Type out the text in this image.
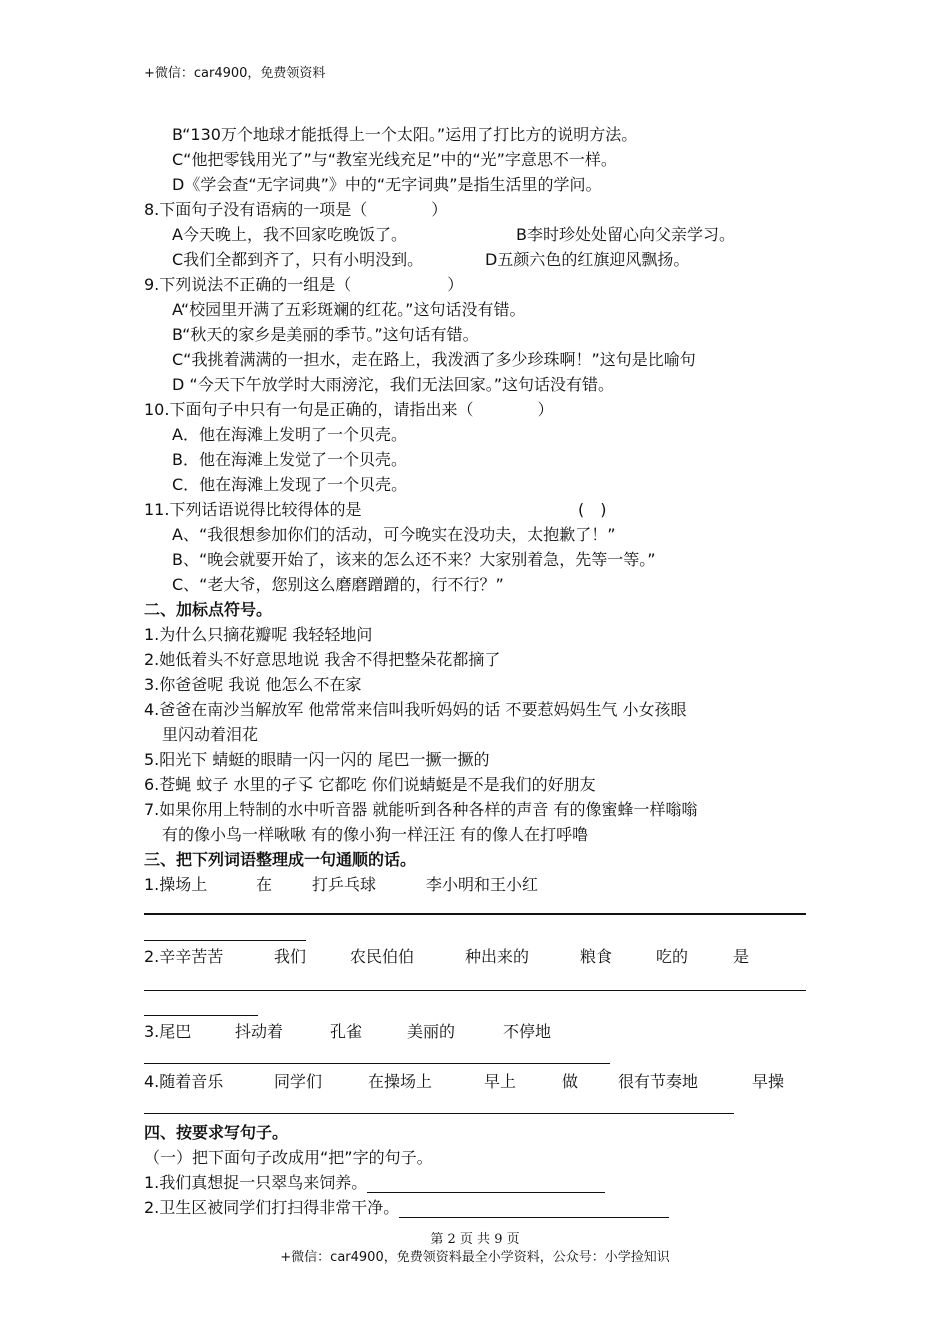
+微信：car4900，免费领资料
B“130万个地球才能抵得上一个太阳。”运用了打比方的说明方法。
C“他把零钱用光了”与“教室光线充足”中的“光”字意思不一样。
D《学会查“无字词典”》中的“无字词典”是指生活里的学问。
8.下面句子没有语病的一项是（　　　　）
A今天晚上，我不回家吃晚饭了。	B李时珍处处留心向父亲学习。
C我们全都到齐了，只有小明没到。	D五颜六色的红旗迎风飘扬。
9.下列说法不正确的一组是（　　　　　　）
A“校园里开满了五彩斑斓的红花。”这句话没有错。
B“秋天的家乡是美丽的季节。”这句话有错。
C“我挑着满满的一担水，走在路上，我泼洒了多少珍珠啊！”这句是比喻句
D “今天下午放学时大雨滂沱，我们无法回家。”这句话没有错。
10.下面句子中只有一句是正确的，请指出来（　　　　）
A．他在海滩上发明了一个贝壳。
B．他在海滩上发觉了一个贝壳。
C．他在海滩上发现了一个贝壳。
11.下列话语说得比较得体的是	(　)
A、“我很想参加你们的活动，可今晚实在没功夫，太抱歉了！”
B、“晚会就要开始了，该来的怎么还不来？大家别着急，先等一等。”
C、“老大爷，您别这么磨磨蹭蹭的，行不行？”
二、加标点符号。
1.为什么只摘花瓣呢 我轻轻地问
2.她低着头不好意思地说 我舍不得把整朵花都摘了
3.你爸爸呢 我说 他怎么不在家
4.爸爸在南沙当解放军 他常常来信叫我听妈妈的话 不要惹妈妈生气 小女孩眼
里闪动着泪花
5.阳光下 蜻蜓的眼睛一闪一闪的 尾巴一撅一撅的
6.苍蝇 蚊子 水里的孑孓 它都吃 你们说蜻蜓是不是我们的好朋友
7.如果你用上特制的水中听音器 就能听到各种各样的声音 有的像蜜蜂一样嗡嗡
有的像小鸟一样啾啾 有的像小狗一样汪汪 有的像人在打呼噜
三、把下列词语整理成一句通顺的话。
1.操场上	在 打乒乓球	李小明和王小红
2.辛辛苦苦	我们	农民伯伯	种出来的	粮食	吃的	是
3.尾巴	抖动着	孔雀	美丽的	不停地
4.随着音乐	同学们	在操场上	早上	做 很有节奏地	早操
四、按要求写句子。
（一）把下面句子改成用“把”字的句子。
1.我们真想捉一只翠鸟来饲养。
2.卫生区被同学们打扫得非常干净。
第 2 页 共 9 页
+微信：car4900，免费领资料最全小学资料，公众号：小学捡知识
